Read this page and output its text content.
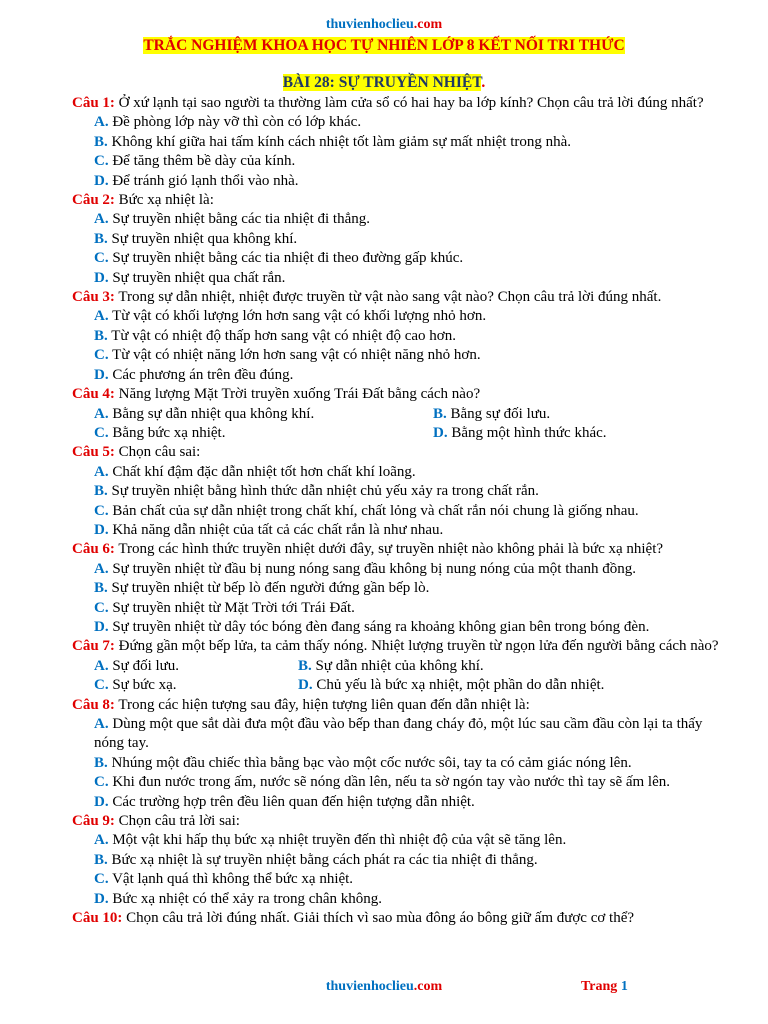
thuvienhoclieu.com
TRẮC NGHIỆM KHOA HỌC TỰ NHIÊN LỚP 8 KẾT NỐI TRI THỨC
BÀI 28: SỰ TRUYỀN NHIỆT.

Câu 1: Ở xứ lạnh tại sao người ta thường làm cửa sổ có hai hay ba lớp kính? Chọn câu trả lời đúng nhất?

A. Đề phòng lớp này vỡ thì còn có lớp khác.

B. Không khí giữa hai tấm kính cách nhiệt tốt làm giảm sự mất nhiệt trong nhà.

C. Để tăng thêm bề dày của kính.

D. Để tránh gió lạnh thổi vào nhà.

Câu 2: Bức xạ nhiệt là:

A. Sự truyền nhiệt bằng các tia nhiệt đi thẳng.

B. Sự truyền nhiệt qua không khí.

C. Sự truyền nhiệt bằng các tia nhiệt đi theo đường gấp khúc.

D. Sự truyền nhiệt qua chất rắn.

Câu 3: Trong sự dẫn nhiệt, nhiệt được truyền từ vật nào sang vật nào? Chọn câu trả lời đúng nhất.

A. Từ vật có khối lượng lớn hơn sang vật có khối lượng nhỏ hơn.

B. Từ vật có nhiệt độ thấp hơn sang vật có nhiệt độ cao hơn.

C. Từ vật có nhiệt năng lớn hơn sang vật có nhiệt năng nhỏ hơn.

D. Các phương án trên đều đúng.

Câu 4: Năng lượng Mặt Trời truyền xuống Trái Đất bằng cách nào?

A. Bằng sự dẫn nhiệt qua không khí.	B. Bằng sự đối lưu.
C. Bằng bức xạ nhiệt.	D. Bằng một hình thức khác.

Câu 5: Chọn câu sai:

A. Chất khí đậm đặc dẫn nhiệt tốt hơn chất khí loãng.

B. Sự truyền nhiệt bằng hình thức dẫn nhiệt chủ yếu xảy ra trong chất rắn.

C. Bản chất của sự dẫn nhiệt trong chất khí, chất lỏng và chất rắn nói chung là giống nhau.

D. Khả năng dẫn nhiệt của tất cả các chất rắn là như nhau.

Câu 6: Trong các hình thức truyền nhiệt dưới đây, sự truyền nhiệt nào không phải là bức xạ nhiệt?

A. Sự truyền nhiệt từ đầu bị nung nóng sang đầu không bị nung nóng của một thanh đồng.

B. Sự truyền nhiệt từ bếp lò đến người đứng gần bếp lò.

C. Sự truyền nhiệt từ Mặt Trời tới Trái Đất.

D. Sự truyền nhiệt từ dây tóc bóng đèn đang sáng ra khoảng không gian bên trong bóng đèn.

Câu 7: Đứng gần một bếp lửa, ta cảm thấy nóng. Nhiệt lượng truyền từ ngọn lửa đến người bằng cách nào?

A. Sự đối lưu.	B. Sự dẫn nhiệt của không khí.
C. Sự bức xạ.	D. Chủ yếu là bức xạ nhiệt, một phần do dẫn nhiệt.

Câu 8: Trong các hiện tượng sau đây, hiện tượng liên quan đến dẫn nhiệt là:

A. Dùng một que sắt dài đưa một đầu vào bếp than đang cháy đỏ, một lúc sau cầm đầu còn lại ta thấy nóng tay.

B. Nhúng một đầu chiếc thìa bằng bạc vào một cốc nước sôi, tay ta có cảm giác nóng lên.

C. Khi đun nước trong ấm, nước sẽ nóng dần lên, nếu ta sờ ngón tay vào nước thì tay sẽ ấm lên.

D. Các trường hợp trên đều liên quan đến hiện tượng dẫn nhiệt.

Câu 9: Chọn câu trả lời sai:

A. Một vật khi hấp thụ bức xạ nhiệt truyền đến thì nhiệt độ của vật sẽ tăng lên.

B. Bức xạ nhiệt là sự truyền nhiệt bằng cách phát ra các tia nhiệt đi thẳng.

C. Vật lạnh quá thì không thể bức xạ nhiệt.

D. Bức xạ nhiệt có thể xảy ra trong chân không.

Câu 10: Chọn câu trả lời đúng nhất. Giải thích vì sao mùa đông áo bông giữ ấm được cơ thể?

thuvienhoclieu.com	Trang 1
